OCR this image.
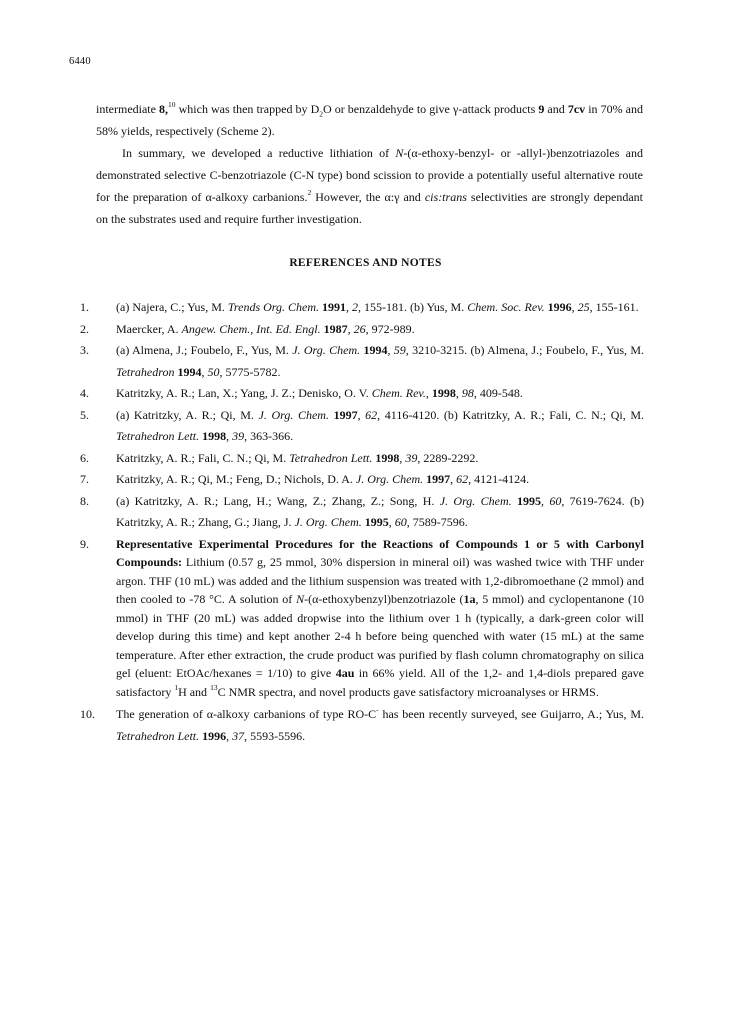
6440

intermediate 8,10 which was then trapped by $D_2O$ or benzaldehyde to give γ-attack products 9 and 7cv in 70% and 58% yields, respectively (Scheme 2).

In summary, we developed a reductive lithiation of N-(α-ethoxy-benzyl- or -allyl-)benzotriazoles and demonstrated selective C-benzotriazole (C-N type) bond scission to provide a potentially useful alternative route for the preparation of α-alkoxy carbanions.$^2$ However, the α:γ and cis:trans selectivities are strongly dependant on the substrates used and require further investigation.

REFERENCES AND NOTES
1.	(a) Najera, C.; Yus, M. Trends Org. Chem. 1991, 2, 155-181. (b) Yus, M. Chem. Soc. Rev. 1996, 25, 155-161.
2.	Maercker, A. Angew. Chem., Int. Ed. Engl. 1987, 26, 972-989.
3.	(a) Almena, J.; Foubelo, F., Yus, M. J. Org. Chem. 1994, 59, 3210-3215. (b) Almena, J.; Foubelo, F., Yus, M. Tetrahedron 1994, 50, 5775-5782.
4.	Katritzky, A. R.; Lan, X.; Yang, J. Z.; Denisko, O. V. Chem. Rev., 1998, 98, 409-548.
5.	(a) Katritzky, A. R.; Qi, M. J. Org. Chem. 1997, 62, 4116-4120. (b) Katritzky, A. R.; Fali, C. N.; Qi, M. Tetrahedron Lett. 1998, 39, 363-366.
6.	Katritzky, A. R.; Fali, C. N.; Qi, M. Tetrahedron Lett. 1998, 39, 2289-2292.
7.	Katritzky, A. R.; Qi, M.; Feng, D.; Nichols, D. A. J. Org. Chem. 1997, 62, 4121-4124.
8.	(a) Katritzky, A. R.; Lang, H.; Wang, Z.; Zhang, Z.; Song, H. J. Org. Chem. 1995, 60, 7619-7624. (b) Katritzky, A. R.; Zhang, G.; Jiang, J. J. Org. Chem. 1995, 60, 7589-7596.
9.	Representative Experimental Procedures for the Reactions of Compounds 1 or 5 with Carbonyl Compounds: Lithium (0.57 g, 25 mmol, 30% dispersion in mineral oil) was washed twice with THF under argon. THF (10 mL) was added and the lithium suspension was treated with 1,2-dibromoethane (2 mmol) and then cooled to -78 °C. A solution of N-(α-ethoxybenzyl)benzotriazole (1a, 5 mmol) and cyclopentanone (10 mmol) in THF (20 mL) was added dropwise into the lithium over 1 h (typically, a dark-green color will develop during this time) and kept another 2-4 h before being quenched with water (15 mL) at the same temperature. After ether extraction, the crude product was purified by flash column chromatography on silica gel (eluent: EtOAc/hexanes = 1/10) to give 4au in 66% yield. All of the 1,2- and 1,4-diols prepared gave satisfactory $^1$H and $^{13}$C NMR spectra, and novel products gave satisfactory microanalyses or HRMS.
10.	The generation of α-alkoxy carbanions of type RO-C- has been recently surveyed, see Guijarro, A.; Yus, M. Tetrahedron Lett. 1996, 37, 5593-5596.
